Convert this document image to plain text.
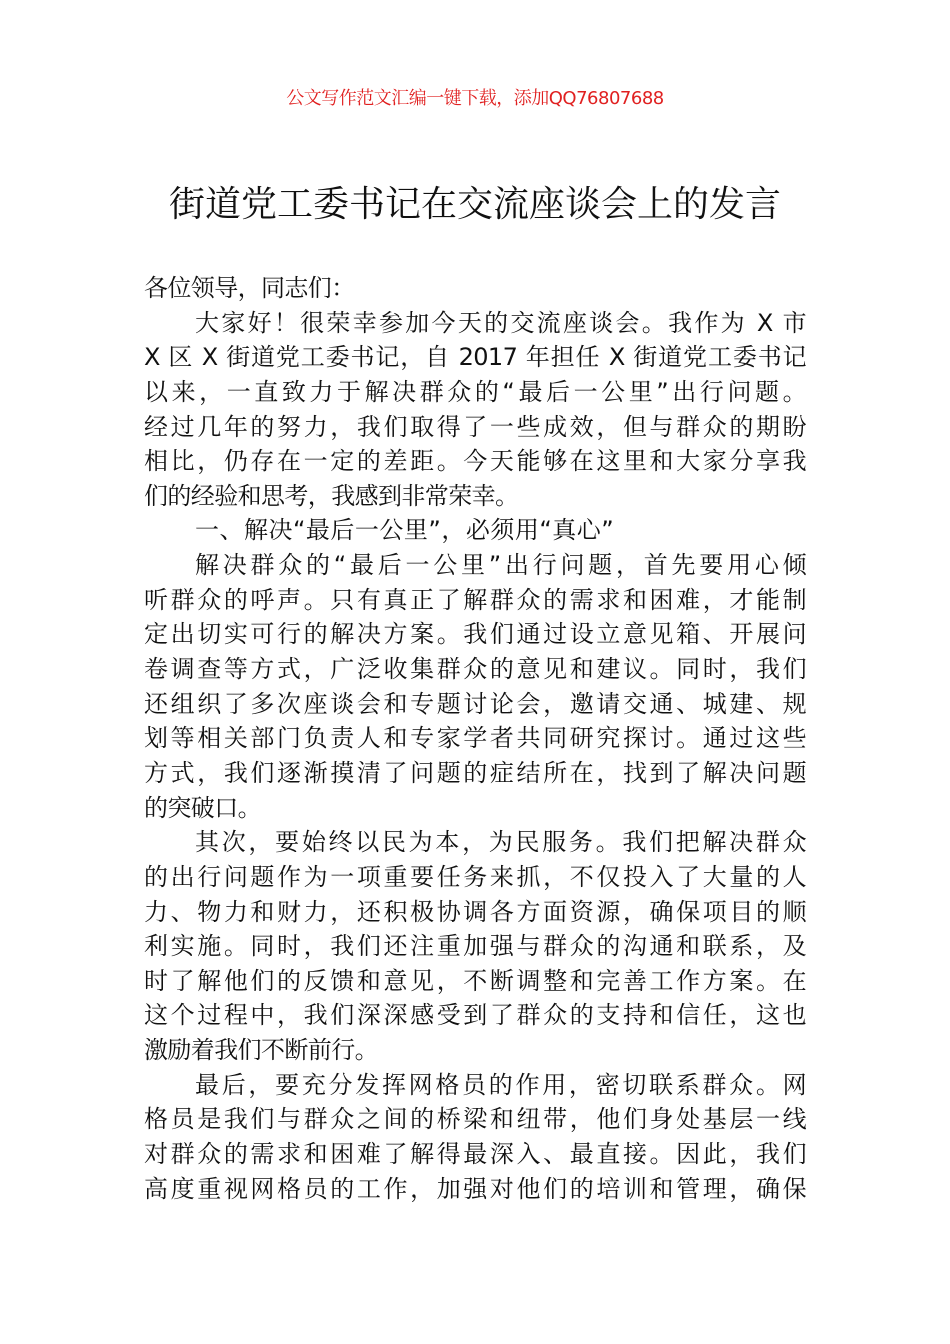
公文写作范文汇编一键下载，添加QQ76807688
街道党工委书记在交流座谈会上的发言
各位领导，同志们：
大家好！很荣幸参加今天的交流座谈会。我作为 X 市
X 区 X 街道党工委书记，自 2017 年担任 X 街道党工委书记
以来，一直致力于解决群众的“最后一公里”出行问题。
经过几年的努力，我们取得了一些成效，但与群众的期盼
相比，仍存在一定的差距。今天能够在这里和大家分享我
们的经验和思考，我感到非常荣幸。
一、解决“最后一公里”，必须用“真心”
解决群众的“最后一公里”出行问题，首先要用心倾
听群众的呼声。只有真正了解群众的需求和困难，才能制
定出切实可行的解决方案。我们通过设立意见箱、开展问
卷调查等方式，广泛收集群众的意见和建议。同时，我们
还组织了多次座谈会和专题讨论会，邀请交通、城建、规
划等相关部门负责人和专家学者共同研究探讨。通过这些
方式，我们逐渐摸清了问题的症结所在，找到了解决问题
的突破口。
其次，要始终以民为本，为民服务。我们把解决群众
的出行问题作为一项重要任务来抓，不仅投入了大量的人
力、物力和财力，还积极协调各方面资源，确保项目的顺
利实施。同时，我们还注重加强与群众的沟通和联系，及
时了解他们的反馈和意见，不断调整和完善工作方案。在
这个过程中，我们深深感受到了群众的支持和信任，这也
激励着我们不断前行。
最后，要充分发挥网格员的作用，密切联系群众。网
格员是我们与群众之间的桥梁和纽带，他们身处基层一线
对群众的需求和困难了解得最深入、最直接。因此，我们
高度重视网格员的工作，加强对他们的培训和管理，确保
